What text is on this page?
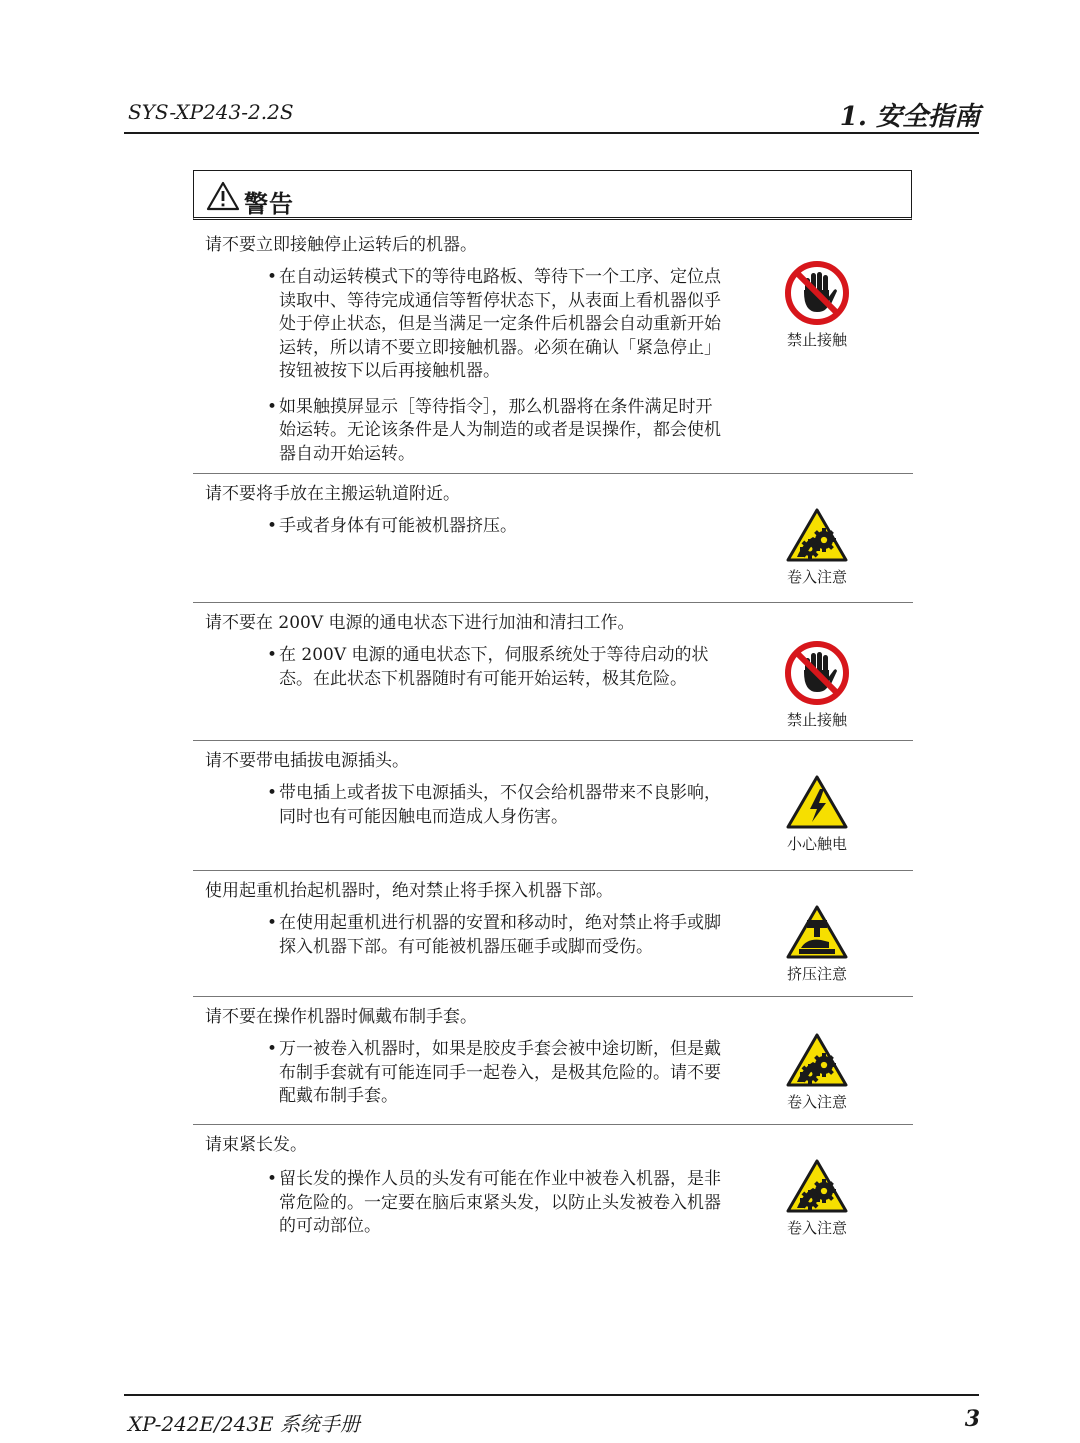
SYS-XP243-2.2S	1. 安全指南
警告
请不要立即接触停止运转后的机器。

• 在自动运转模式下的等待电路板、等待下一个工序、定位点读取中、等待完成通信等暂停状态下，从表面上看机器似乎处于停止状态，但是当满足一定条件后机器会自动重新开始运转，所以请不要立即接触机器。必须在确认「紧急停止」按钮被按下以后再接触机器。

• 如果触摸屏显示［等待指令］，那么机器将在条件满足时开始运转。无论该条件是人为制造的或者是误操作，都会使机器自动开始运转。

禁止接触
请不要将手放在主搬运轨道附近。

• 手或者身体有可能被机器挤压。

卷入注意
请不要在 200V 电源的通电状态下进行加油和清扫工作。

• 在 200V 电源的通电状态下，伺服系统处于等待启动的状态。在此状态下机器随时有可能开始运转，极其危险。

禁止接触
请不要带电插拔电源插头。

• 带电插上或者拔下电源插头，不仅会给机器带来不良影响，同时也有可能因触电而造成人身伤害。

小心触电
使用起重机抬起机器时，绝对禁止将手探入机器下部。

• 在使用起重机进行机器的安置和移动时，绝对禁止将手或脚探入机器下部。有可能被机器压砸手或脚而受伤。

挤压注意
请不要在操作机器时佩戴布制手套。

• 万一被卷入机器时，如果是胶皮手套会被中途切断，但是戴布制手套就有可能连同手一起卷入，是极其危险的。请不要配戴布制手套。	卷入注意
请束紧长发。

• 留长发的操作人员的头发有可能在作业中被卷入机器，是非常危险的。一定要在脑后束紧头发，以防止头发被卷入机器的可动部位。	卷入注意
XP-242E/243E 系统手册	3
